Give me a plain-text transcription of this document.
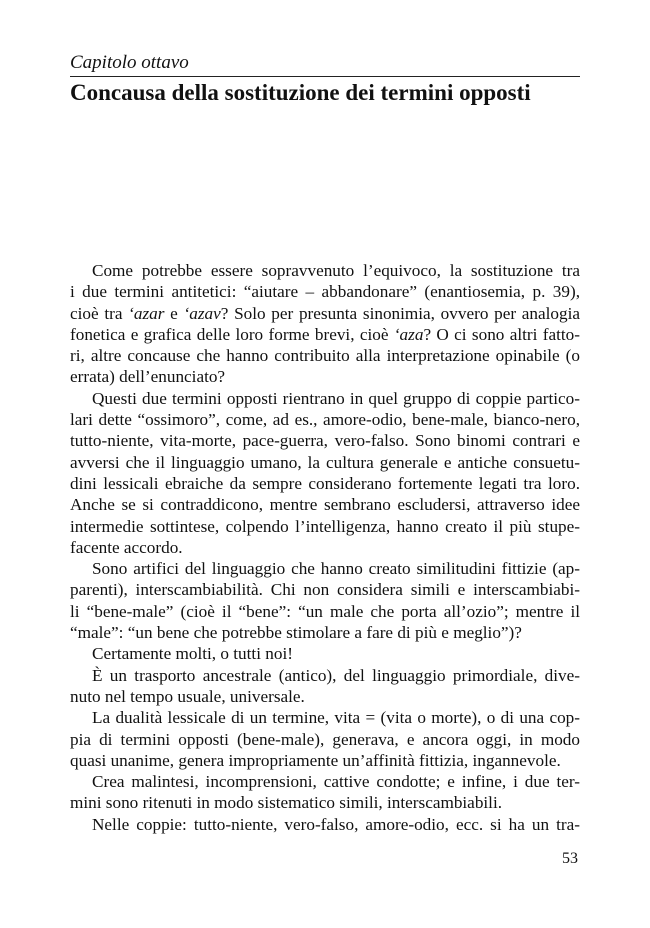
Capitolo ottavo
Concausa della sostituzione dei termini opposti
Come potrebbe essere sopravvenuto l’equivoco, la sostituzione tra
i due termini antitetici: “aiutare – abbandonare” (enantiosemia, p. 39),
cioè tra ‘azar e ‘azav? Solo per presunta sinonimia, ovvero per analogia
fonetica e grafica delle loro forme brevi, cioè ‘aza? O ci sono altri fatto-
ri, altre concause che hanno contribuito alla interpretazione opinabile (o
errata) dell’enunciato?
Questi due termini opposti rientrano in quel gruppo di coppie partico-
lari dette “ossimoro”, come, ad es., amore-odio, bene-male, bianco-nero,
tutto-niente, vita-morte, pace-guerra, vero-falso. Sono binomi contrari e
avversi che il linguaggio umano, la cultura generale e antiche consuetu-
dini lessicali ebraiche da sempre considerano fortemente legati tra loro.
Anche se si contraddicono, mentre sembrano escludersi, attraverso idee
intermedie sottintese, colpendo l’intelligenza, hanno creato il più stupe-
facente accordo.
Sono artifici del linguaggio che hanno creato similitudini fittizie (ap-
parenti), interscambiabilità. Chi non considera simili e interscambiabi-
li “bene-male” (cioè il “bene”: “un male che porta all’ozio”; mentre il
“male”: “un bene che potrebbe stimolare a fare di più e meglio”)?
Certamente molti, o tutti noi!
È un trasporto ancestrale (antico), del linguaggio primordiale, dive-
nuto nel tempo usuale, universale.
La dualità lessicale di un termine, vita = (vita o morte), o di una cop-
pia di termini opposti (bene-male), generava, e ancora oggi, in modo
quasi unanime, genera impropriamente un’affinità fittizia, ingannevole.
Crea malintesi, incomprensioni, cattive condotte; e infine, i due ter-
mini sono ritenuti in modo sistematico simili, interscambiabili.
Nelle coppie: tutto-niente, vero-falso, amore-odio, ecc. si ha un tra-
53
